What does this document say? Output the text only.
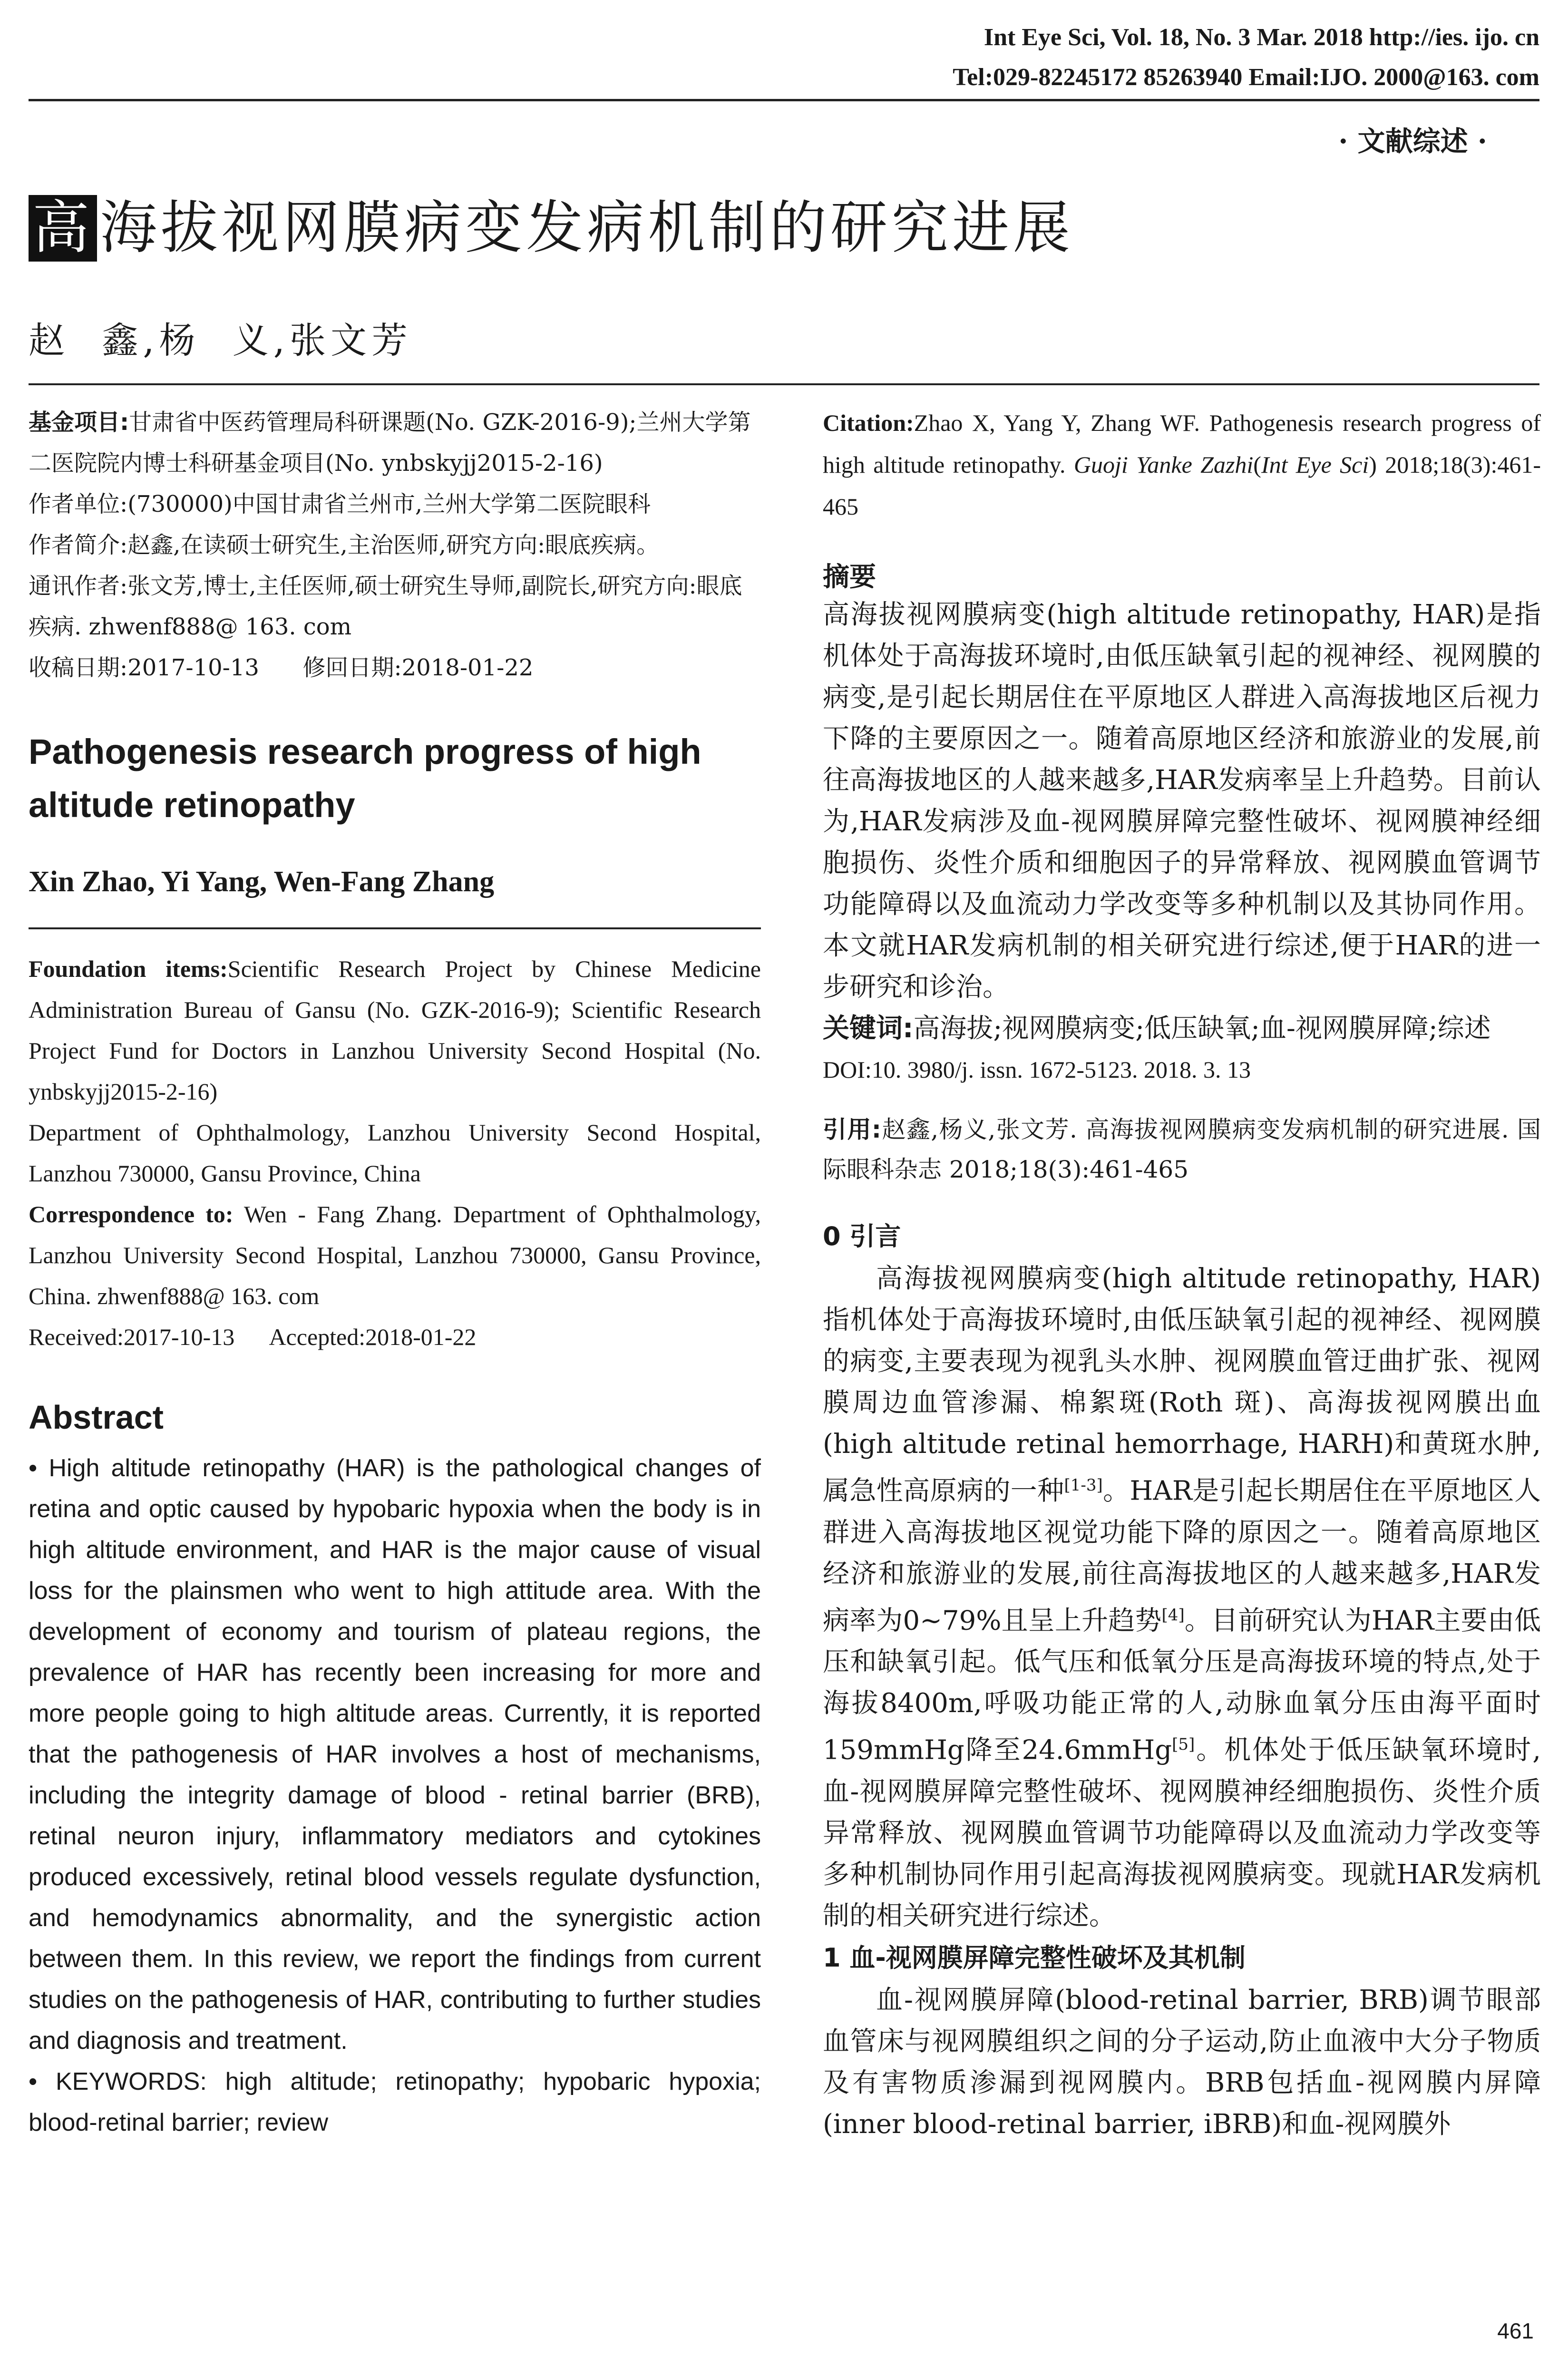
Int Eye Sci, Vol. 18, No. 3 Mar. 2018 http://ies. ijo. cn
Tel:029-82245172 85263940 Email:IJO. 2000@163. com
· 文献综述 ·
高 海拔视网膜病变发病机制的研究进展
赵  鑫,杨  义,张文芳

基金项目:甘肃省中医药管理局科研课题(No. GZK-2016-9);兰州大学第二医院院内博士科研基金项目(No. ynbskyjj2015-2-16)

作者单位:(730000)中国甘肃省兰州市,兰州大学第二医院眼科

作者简介:赵鑫,在读硕士研究生,主治医师,研究方向:眼底疾病。

通讯作者:张文芳,博士,主任医师,硕士研究生导师,副院长,研究方向:眼底疾病. zhwenf888@ 163. com

收稿日期:2017-10-13 修回日期:2018-01-22

Pathogenesis research progress of high altitude retinopathy
Xin Zhao, Yi Yang, Wen-Fang Zhang

Foundation items:Scientific Research Project by Chinese Medicine Administration Bureau of Gansu (No. GZK-2016-9); Scientific Research Project Fund for Doctors in Lanzhou University Second Hospital (No. ynbskyjj2015-2-16)

Department of Ophthalmology, Lanzhou University Second Hospital, Lanzhou 730000, Gansu Province, China

Correspondence to: Wen - Fang Zhang. Department of Ophthalmology, Lanzhou University Second Hospital, Lanzhou 730000, Gansu Province, China. zhwenf888@ 163. com

Received:2017-10-13 Accepted:2018-01-22

Abstract

• High altitude retinopathy (HAR) is the pathological changes of retina and optic caused by hypobaric hypoxia when the body is in high altitude environment, and HAR is the major cause of visual loss for the plainsmen who went to high attitude area. With the development of economy and tourism of plateau regions, the prevalence of HAR has recently been increasing for more and more people going to high altitude areas. Currently, it is reported that the pathogenesis of HAR involves a host of mechanisms, including the integrity damage of blood - retinal barrier (BRB), retinal neuron injury, inflammatory mediators and cytokines produced excessively, retinal blood vessels regulate dysfunction, and hemodynamics abnormality, and the synergistic action between them. In this review, we report the findings from current studies on the pathogenesis of HAR, contributing to further studies and diagnosis and treatment.

• KEYWORDS: high altitude; retinopathy; hypobaric hypoxia; blood-retinal barrier; review

Citation:Zhao X, Yang Y, Zhang WF. Pathogenesis research progress of high altitude retinopathy. Guoji Yanke Zazhi(Int Eye Sci) 2018;18(3):461-465
摘要

高海拔视网膜病变(high altitude retinopathy, HAR)是指机体处于高海拔环境时,由低压缺氧引起的视神经、视网膜的病变,是引起长期居住在平原地区人群进入高海拔地区后视力下降的主要原因之一。随着高原地区经济和旅游业的发展,前往高海拔地区的人越来越多,HAR发病率呈上升趋势。目前认为,HAR发病涉及血-视网膜屏障完整性破坏、视网膜神经细胞损伤、炎性介质和细胞因子的异常释放、视网膜血管调节功能障碍以及血流动力学改变等多种机制以及其协同作用。本文就HAR发病机制的相关研究进行综述,便于HAR的进一步研究和诊治。

关键词:高海拔;视网膜病变;低压缺氧;血-视网膜屏障;综述

DOI:10. 3980/j. issn. 1672-5123. 2018. 3. 13

引用:赵鑫,杨义,张文芳. 高海拔视网膜病变发病机制的研究进展. 国际眼科杂志 2018;18(3):461-465

0 引言

高海拔视网膜病变(high altitude retinopathy, HAR)指机体处于高海拔环境时,由低压缺氧引起的视神经、视网膜的病变,主要表现为视乳头水肿、视网膜血管迂曲扩张、视网膜周边血管渗漏、棉絮斑(Roth 斑)、高海拔视网膜出血(high altitude retinal hemorrhage, HARH)和黄斑水肿,属急性高原病的一种[1-3]。HAR是引起长期居住在平原地区人群进入高海拔地区视觉功能下降的原因之一。随着高原地区经济和旅游业的发展,前往高海拔地区的人越来越多,HAR发病率为0~79%且呈上升趋势[4]。目前研究认为HAR主要由低压和缺氧引起。低气压和低氧分压是高海拔环境的特点,处于海拔8400m,呼吸功能正常的人,动脉血氧分压由海平面时159mmHg降至24.6mmHg[5]。机体处于低压缺氧环境时,血-视网膜屏障完整性破坏、视网膜神经细胞损伤、炎性介质异常释放、视网膜血管调节功能障碍以及血流动力学改变等多种机制协同作用引起高海拔视网膜病变。现就HAR发病机制的相关研究进行综述。

1 血-视网膜屏障完整性破坏及其机制

血-视网膜屏障(blood-retinal barrier, BRB)调节眼部血管床与视网膜组织之间的分子运动,防止血液中大分子物质及有害物质渗漏到视网膜内。BRB包括血-视网膜内屏障(inner blood-retinal barrier, iBRB)和血-视网膜外

461
